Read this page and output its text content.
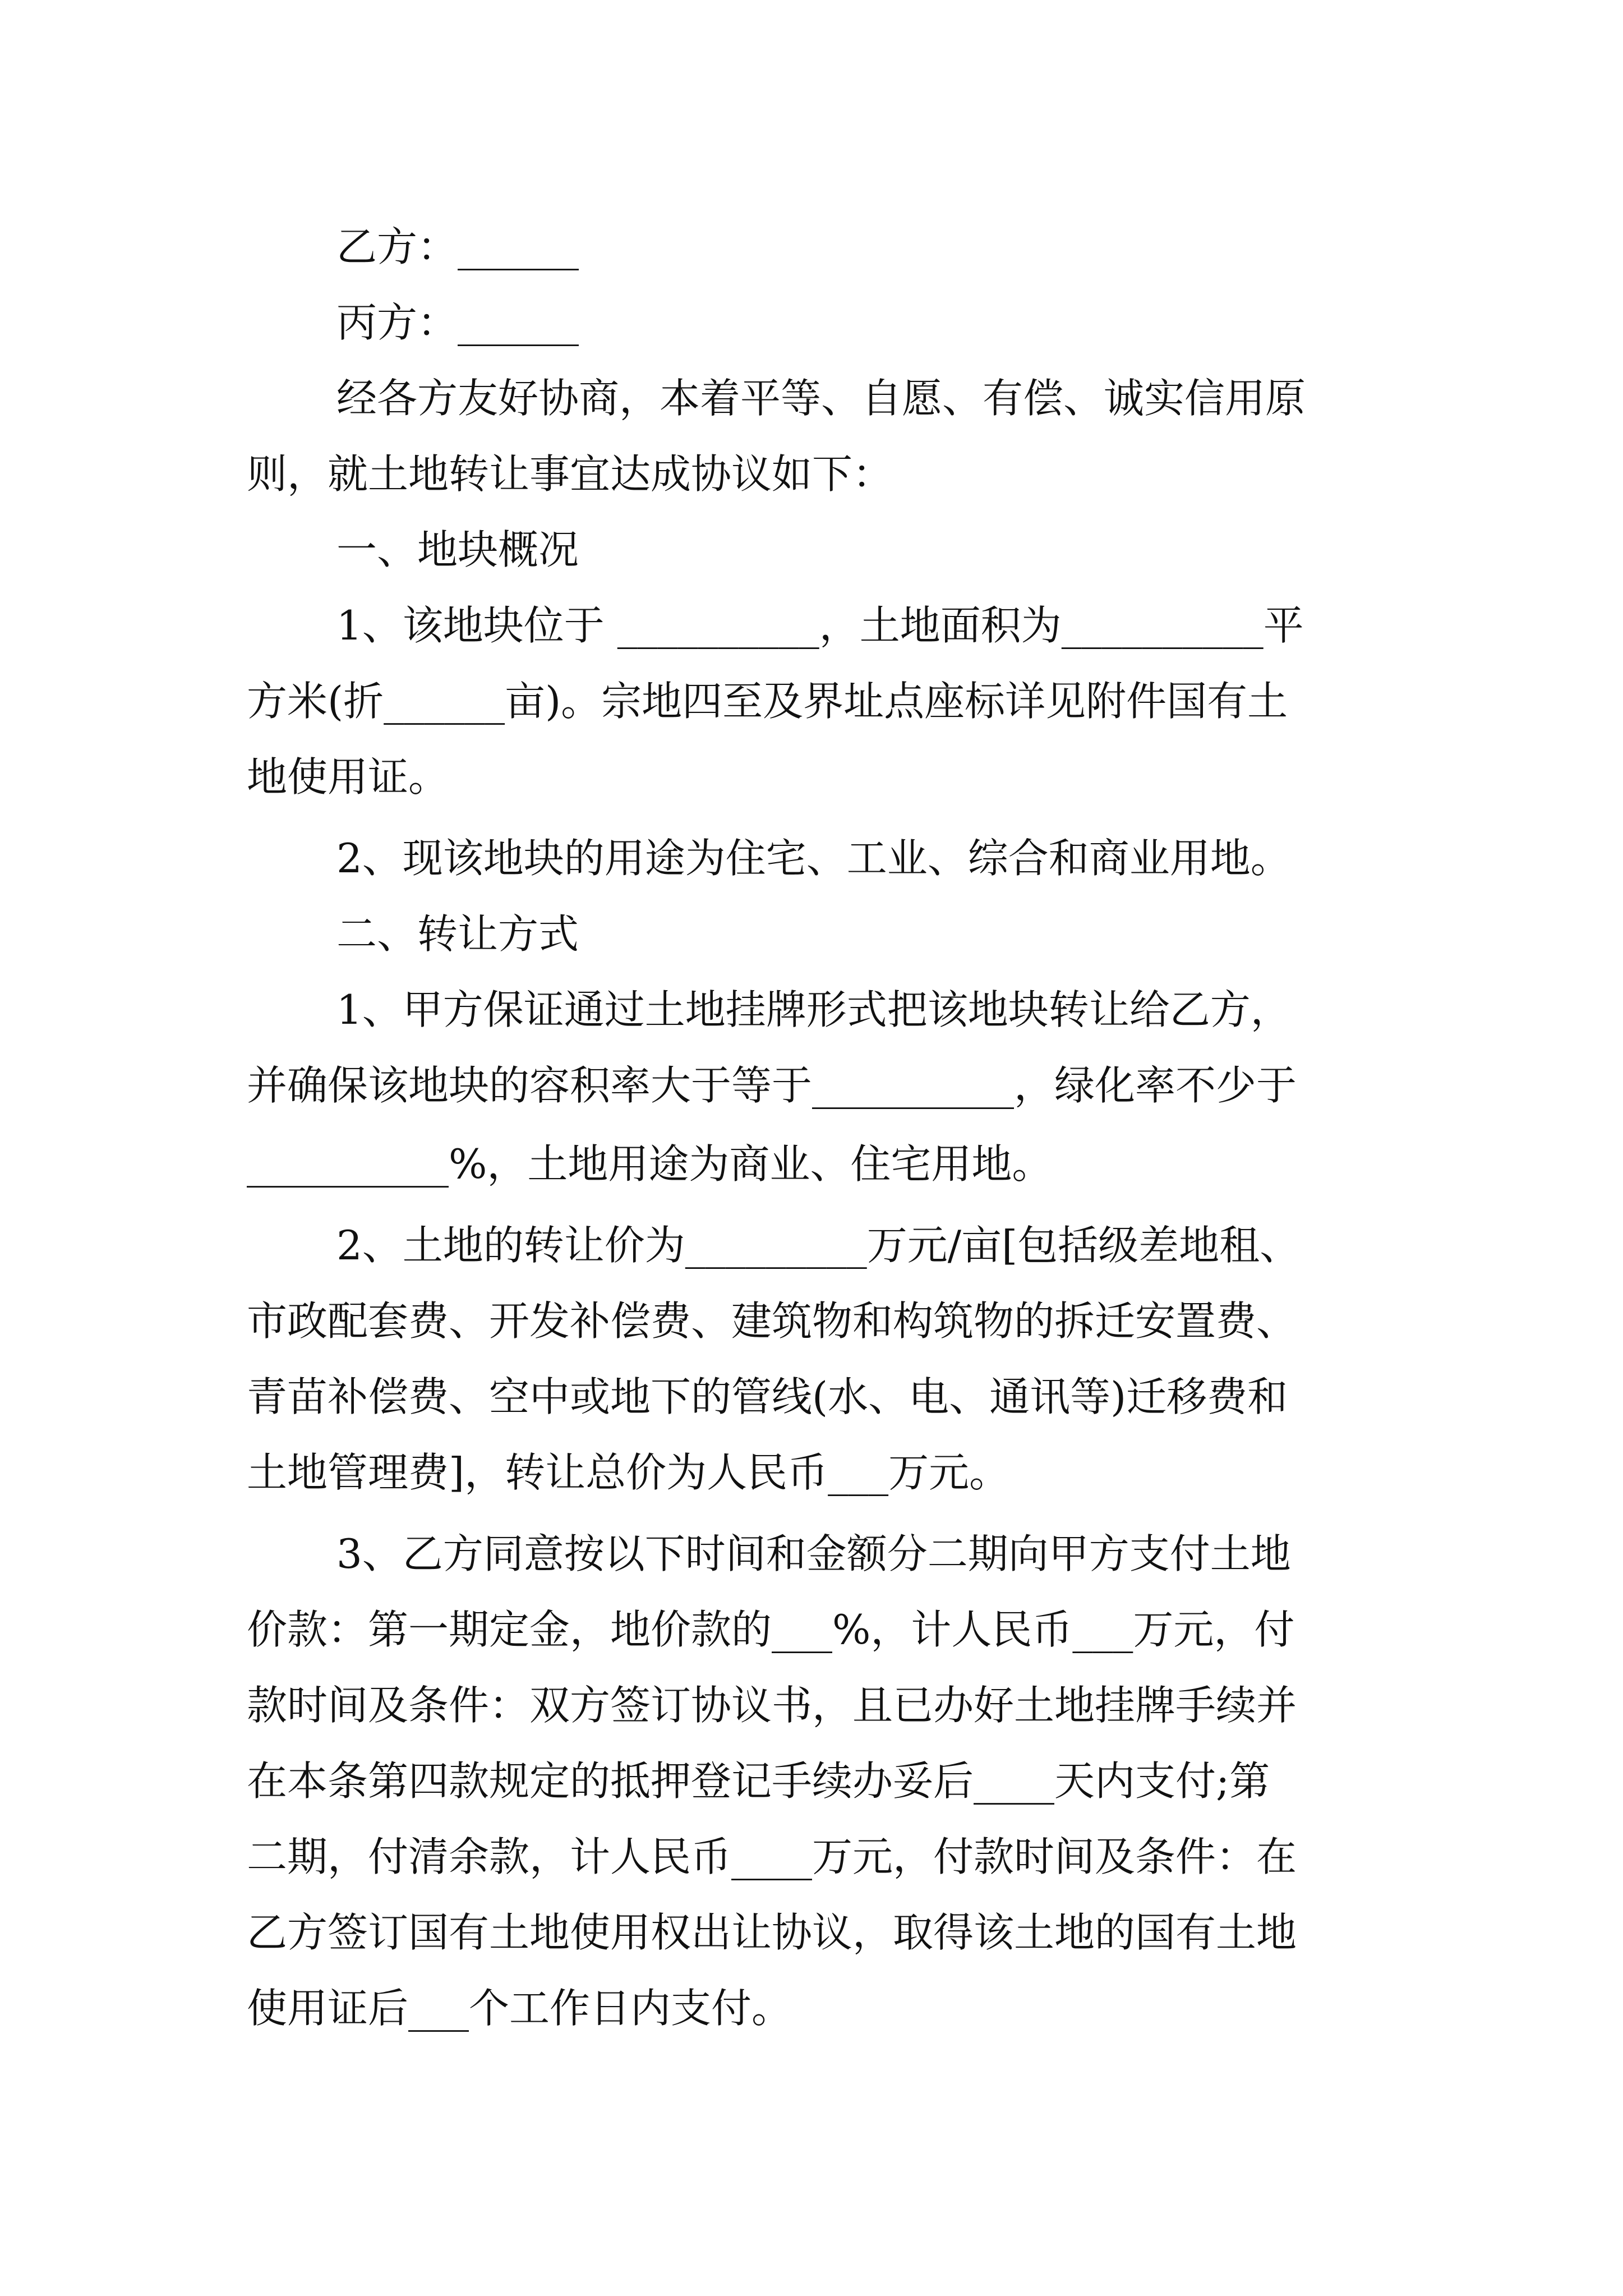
乙方：______
丙方：______
经各方友好协商，本着平等、自愿、有偿、诚实信用原
则，就土地转让事宜达成协议如下：
一、地块概况
1、该地块位于 __________，土地面积为__________平
方米(折______亩)。宗地四至及界址点座标详见附件国有土
地使用证。
2、现该地块的用途为住宅、工业、综合和商业用地。
二、转让方式
1、甲方保证通过土地挂牌形式把该地块转让给乙方，
并确保该地块的容积率大于等于__________，绿化率不少于
__________%，土地用途为商业、住宅用地。
2、土地的转让价为_________万元/亩[包括级差地租、
市政配套费、开发补偿费、建筑物和构筑物的拆迁安置费、
青苗补偿费、空中或地下的管线(水、电、通讯等)迁移费和
土地管理费]，转让总价为人民币___万元。
3、乙方同意按以下时间和金额分二期向甲方支付土地
价款：第一期定金，地价款的___%，计人民币___万元，付
款时间及条件：双方签订协议书，且已办好土地挂牌手续并
在本条第四款规定的抵押登记手续办妥后____天内支付;第
二期，付清余款，计人民币____万元，付款时间及条件：在
乙方签订国有土地使用权出让协议，取得该土地的国有土地
使用证后___个工作日内支付。
